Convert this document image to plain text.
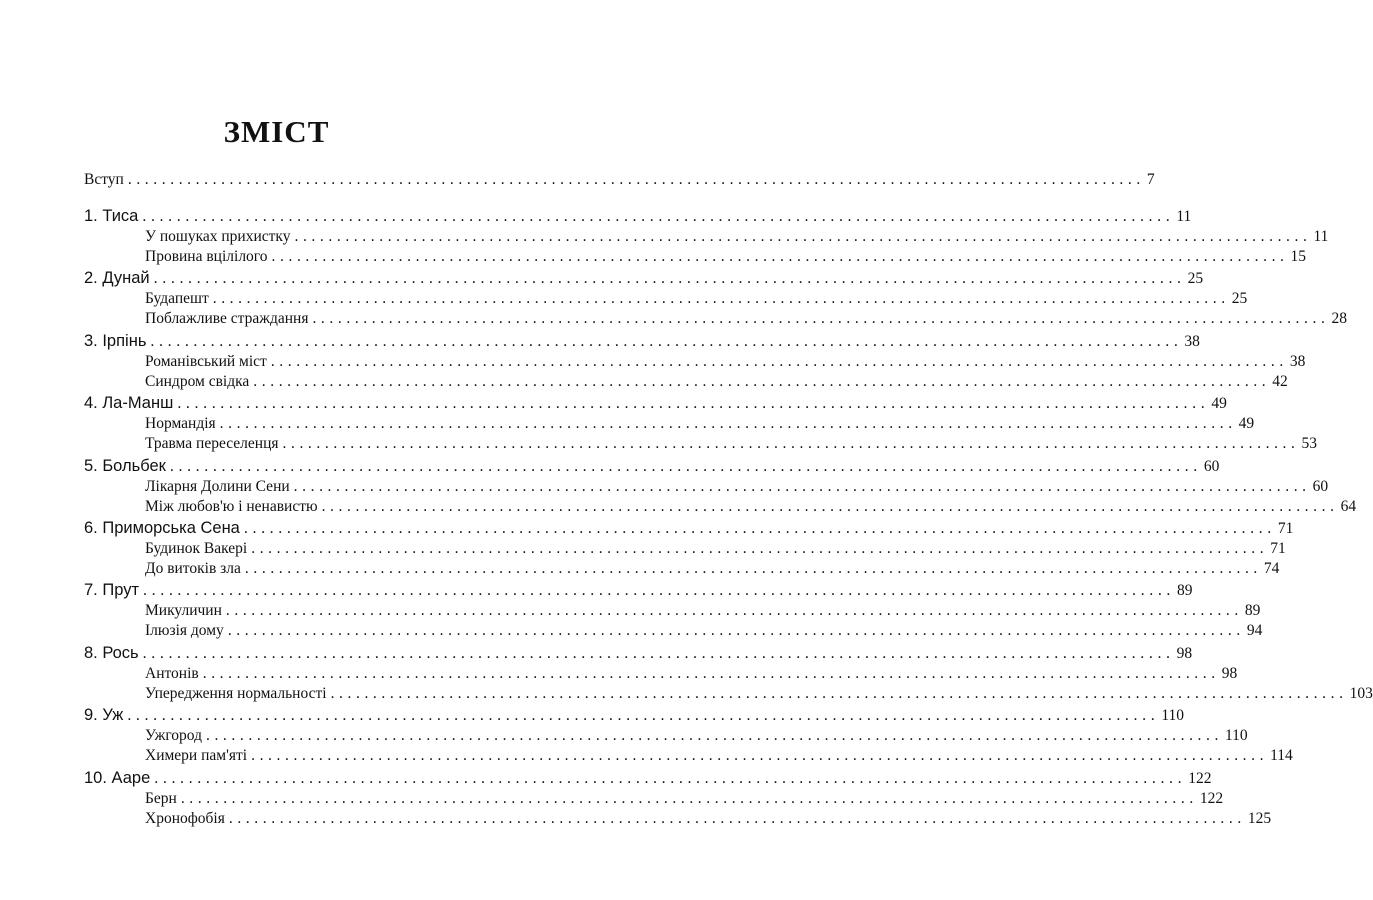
ЗМІСТ
Вступ ........................................................................................................................ 7
1. Тиса ........................................................................................................................ 11
У пошуках прихистку ........................................................................................................................ 11
Провина вцілілого ........................................................................................................................ 15
2. Дунай ........................................................................................................................ 25
Будапешт ........................................................................................................................ 25
Поблажливе страждання ........................................................................................................................ 28
3. Ірпінь ........................................................................................................................ 38
Романівський міст ........................................................................................................................ 38
Синдром свідка ........................................................................................................................ 42
4. Ла-Манш ........................................................................................................................ 49
Нормандія ........................................................................................................................ 49
Травма переселенця ........................................................................................................................ 53
5. Больбек ........................................................................................................................ 60
Лікарня Долини Сени ........................................................................................................................ 60
Між любов'ю і ненавистю ........................................................................................................................ 64
6. Приморська Сена ........................................................................................................................ 71
Будинок Вакері ........................................................................................................................ 71
До витоків зла ........................................................................................................................ 74
7. Прут ........................................................................................................................ 89
Микуличин ........................................................................................................................ 89
Ілюзія дому ........................................................................................................................ 94
8. Рось ........................................................................................................................ 98
Антонів ........................................................................................................................ 98
Упередження нормальності ........................................................................................................................ 103
9. Уж ........................................................................................................................ 110
Ужгород ........................................................................................................................ 110
Химери пам'яті ........................................................................................................................ 114
10. Ааре ........................................................................................................................ 122
Берн ........................................................................................................................ 122
Хронофобія ........................................................................................................................ 125
